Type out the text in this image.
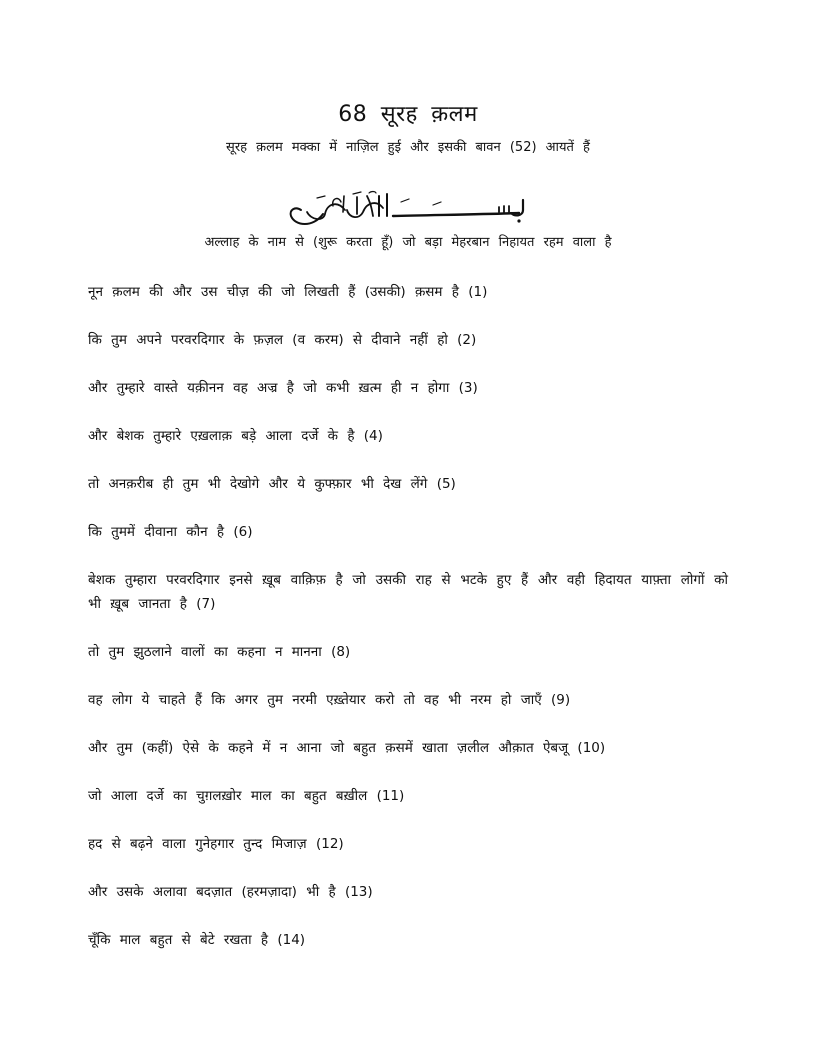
68 सूरह क़लम
सूरह क़लम मक्का में नाज़िल हुई और इसकी बावन (52) आयतें हैं
अल्लाह के नाम से (शुरू करता हूँ) जो बड़ा मेहरबान निहायत रहम वाला है

नून क़लम की और उस चीज़ की जो लिखती हैं (उसकी) क़सम है (1)

कि तुम अपने परवरदिगार के फ़ज़ल (व करम) से दीवाने नहीं हो (2)

और तुम्हारे वास्ते यक़ीनन वह अज्र है जो कभी ख़त्म ही न होगा (3)

और बेशक तुम्हारे एख़लाक़ बड़े आला दर्जे के है (4)

तो अनक़रीब ही तुम भी देखोगे और ये कुफ्फ़ार भी देख लेंगे (5)

कि तुममें दीवाना कौन है (6)

बेशक तुम्हारा परवरदिगार इनसे ख़ूब वाक़िफ़ है जो उसकी राह से भटके हुए हैं और वही हिदायत याफ़्ता लोगों को भी ख़ूब जानता है (7)

तो तुम झुठलाने वालों का कहना न मानना (8)

वह लोग ये चाहते हैं कि अगर तुम नरमी एख़्तेयार करो तो वह भी नरम हो जाएँ (9)

और तुम (कहीं) ऐसे के कहने में न आना जो बहुत क़समें खाता ज़लील औक़ात ऐबजू (10)

जो आला दर्जे का चुग़लख़ोर माल का बहुत बख़ील (11)

हद से बढ़ने वाला गुनेहगार तुन्द मिजाज़ (12)

और उसके अलावा बदज़ात (हरमज़ादा) भी है (13)

चूँकि माल बहुत से बेटे रखता है (14)
